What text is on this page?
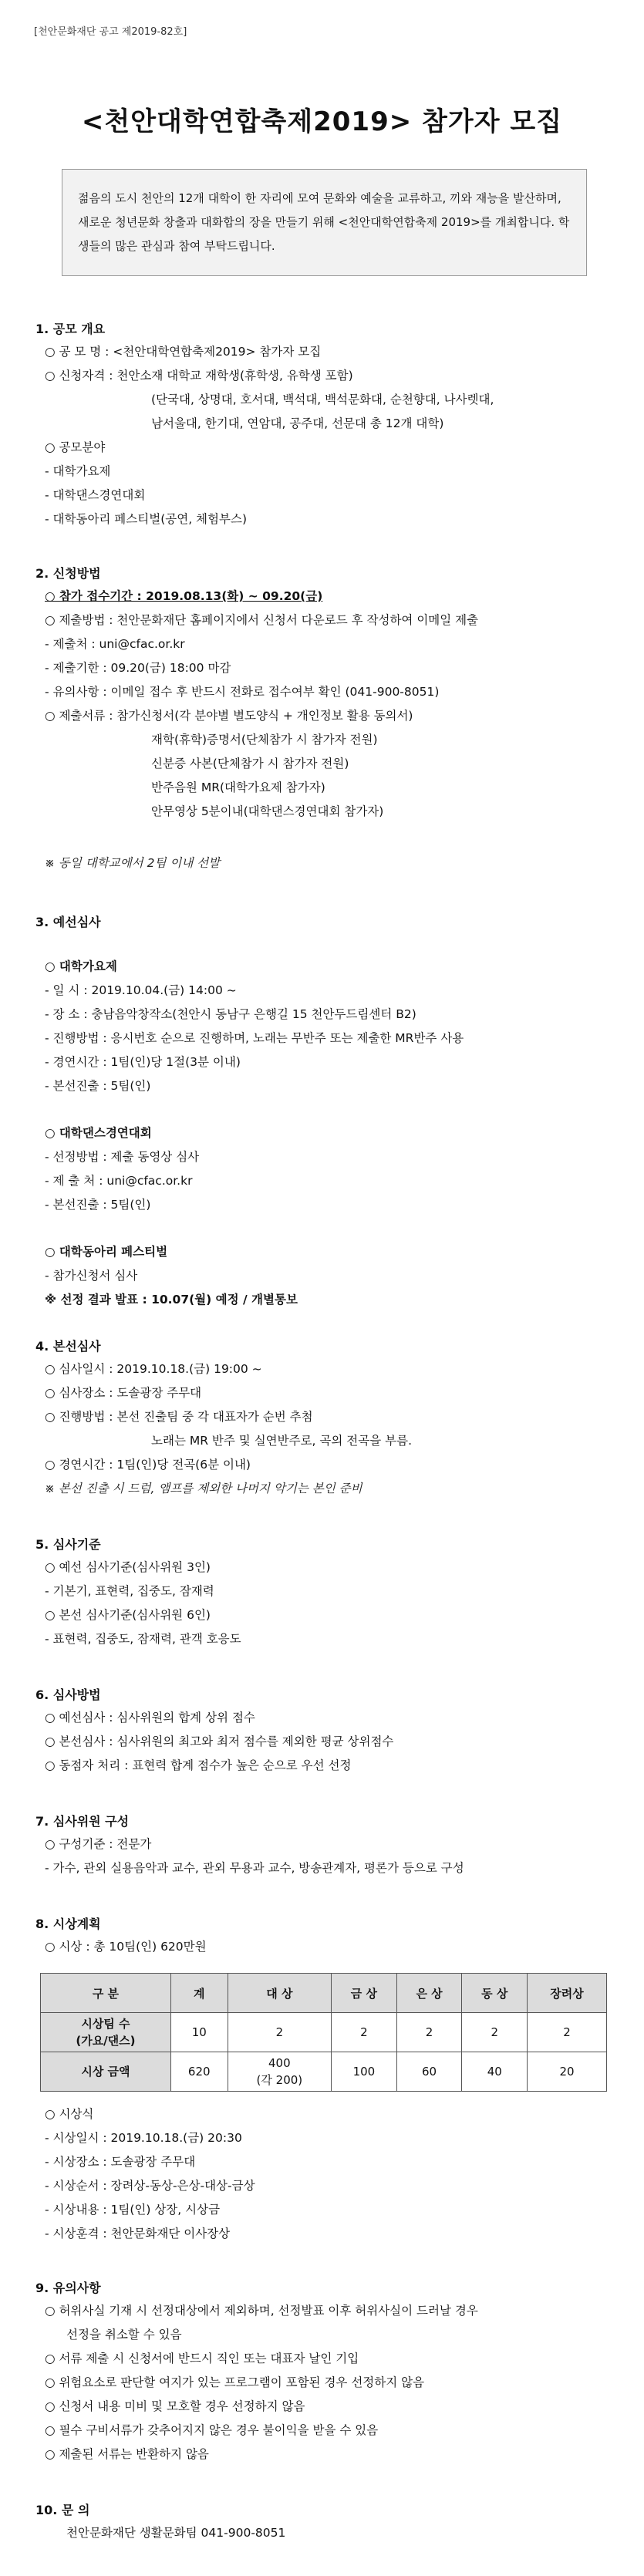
[천안문화재단 공고 제2019-82호]
<천안대학연합축제2019> 참가자 모집
젊음의 도시 천안의 12개 대학이 한 자리에 모여 문화와 예술을 교류하고, 끼와 재능을 발산하며, 새로운 청년문화 창출과 대화합의 장을 만들기 위해 <천안대학연합축제 2019>를 개최합니다. 학생들의 많은 관심과 참여 부탁드립니다.
1. 공모 개요
○ 공 모 명 : <천안대학연합축제2019> 참가자 모집
○ 신청자격 : 천안소재 대학교 재학생(휴학생, 유학생 포함)
(단국대, 상명대, 호서대, 백석대, 백석문화대, 순천향대, 나사렛대,
남서울대, 한기대, 연암대, 공주대, 선문대 총 12개 대학)
○ 공모분야
- 대학가요제
- 대학댄스경연대회
- 대학동아리 페스티벌(공연, 체험부스)
2. 신청방법
○ 참가 접수기간 : 2019.08.13(화) ~ 09.20(금)
○ 제출방법 : 천안문화재단 홈페이지에서 신청서 다운로드 후 작성하여 이메일 제출
- 제출처 : uni@cfac.or.kr
- 제출기한 : 09.20(금) 18:00 마감
- 유의사항 : 이메일 접수 후 반드시 전화로 접수여부 확인 (041-900-8051)
○ 제출서류 : 참가신청서(각 분야별 별도양식 + 개인정보 활용 동의서)
재학(휴학)증명서(단체참가 시 참가자 전원)
신분증 사본(단체참가 시 참가자 전원)
반주음원 MR(대학가요제 참가자)
안무영상 5분이내(대학댄스경연대회 참가자)
※ 동일 대학교에서 2팀 이내 선발
3. 예선심사
○ 대학가요제
- 일 시 : 2019.10.04.(금) 14:00 ~
- 장 소 : 충남음악창작소(천안시 동남구 은행길 15 천안두드림센터 B2)
- 진행방법 : 응시번호 순으로 진행하며, 노래는 무반주 또는 제출한 MR반주 사용
- 경연시간 : 1팀(인)당 1절(3분 이내)
- 본선진출 : 5팀(인)
○ 대학댄스경연대회
- 선정방법 : 제출 동영상 심사
- 제 출 처 : uni@cfac.or.kr
- 본선진출 : 5팀(인)
○ 대학동아리 페스티벌
- 참가신청서 심사
※ 선정 결과 발표 : 10.07(월) 예정 / 개별통보
4. 본선심사
○ 심사일시 : 2019.10.18.(금) 19:00 ~
○ 심사장소 : 도솔광장 주무대
○ 진행방법 : 본선 진출팀 중 각 대표자가 순번 추첨
노래는 MR 반주 및 실연반주로, 곡의 전곡을 부름.
○ 경연시간 : 1팀(인)당 전곡(6분 이내)
※ 본선 진출 시 드럼, 앰프를 제외한 나머지 악기는 본인 준비
5. 심사기준
○ 예선 심사기준(심사위원 3인)
- 기본기, 표현력, 집중도, 잠재력
○ 본선 심사기준(심사위원 6인)
- 표현력, 집중도, 잠재력, 관객 호응도
6. 심사방법
○ 예선심사 : 심사위원의 합계 상위 점수
○ 본선심사 : 심사위원의 최고와 최저 점수를 제외한 평균 상위점수
○ 동점자 처리 : 표현력 합계 점수가 높은 순으로 우선 선정
7. 심사위원 구성
○ 구성기준 : 전문가
- 가수, 관외 실용음악과 교수, 관외 무용과 교수, 방송관계자, 평론가 등으로 구성
8. 시상계획
○ 시상 : 총 10팀(인) 620만원
구 분	계	대 상	금 상	은 상	동 상	장려상

시상팀 수
(가요/댄스)	10	2	2	2	2	2
시상 금액	620	400
(각 200)	100	60	40	20
○ 시상식
- 시상일시 : 2019.10.18.(금) 20:30
- 시상장소 : 도솔광장 주무대
- 시상순서 : 장려상-동상-은상-대상-금상
- 시상내용 : 1팀(인) 상장, 시상금
- 시상훈격 : 천안문화재단 이사장상
9. 유의사항
○ 허위사실 기재 시 선정대상에서 제외하며, 선정발표 이후 허위사실이 드러날 경우
선정을 취소할 수 있음
○ 서류 제출 시 신청서에 반드시 직인 또는 대표자 날인 기입
○ 위험요소로 판단할 여지가 있는 프로그램이 포함된 경우 선정하지 않음
○ 신청서 내용 미비 및 모호할 경우 선정하지 않음
○ 필수 구비서류가 갖추어지지 않은 경우 불이익을 받을 수 있음
○ 제출된 서류는 반환하지 않음
10. 문 의
천안문화재단 생활문화팀 041-900-8051
